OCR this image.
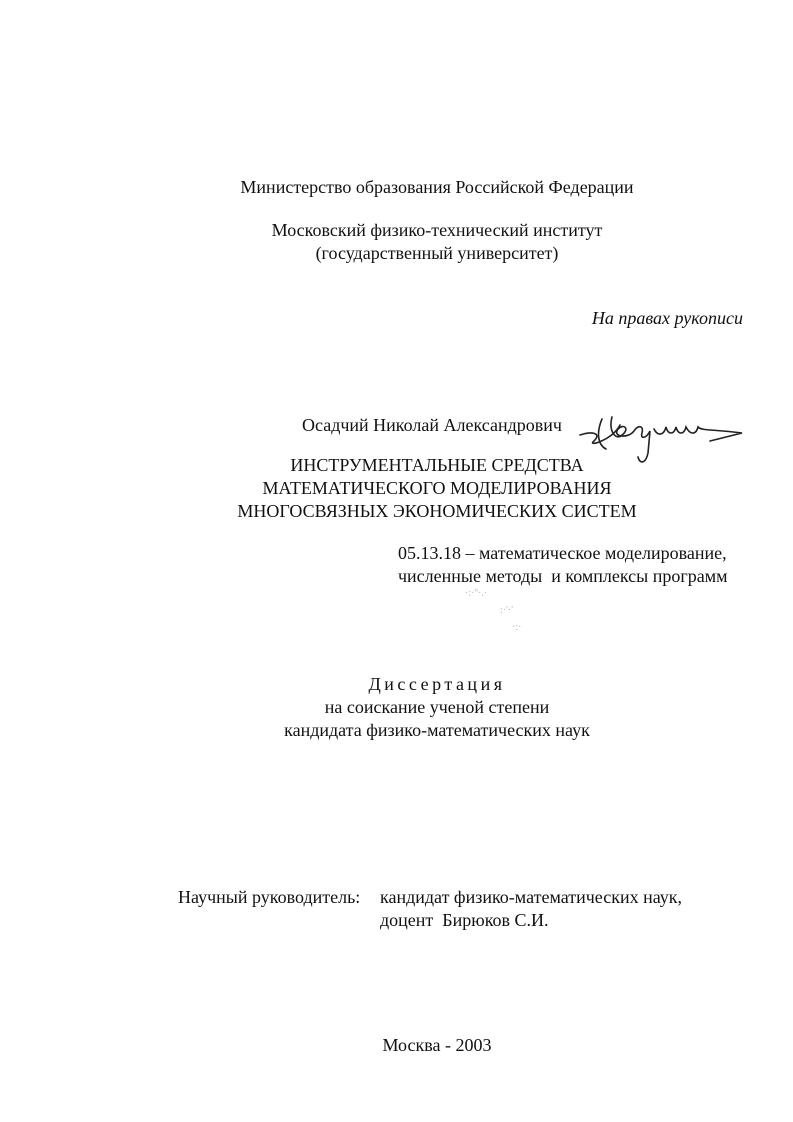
Министерство образования Российской Федерации
Московский физико-технический институт
(государственный университет)
На правах рукописи
Осадчий Николай Александрович
ИНСТРУМЕНТАЛЬНЫЕ СРЕДСТВА
МАТЕМАТИЧЕСКОГО МОДЕЛИРОВАНИЯ
МНОГОСВЯЗНЫХ ЭКОНОМИЧЕСКИХ СИСТЕМ
05.13.18 – математическое моделирование,
численные методы  и комплексы программ
·:·''·.·
:·'·'
·:·
Диссертация
на соискание ученой степени
кандидата физико-математических наук
Научный руководитель: кандидат физико-математических наук,
доцент  Бирюков С.И.
Москва - 2003
